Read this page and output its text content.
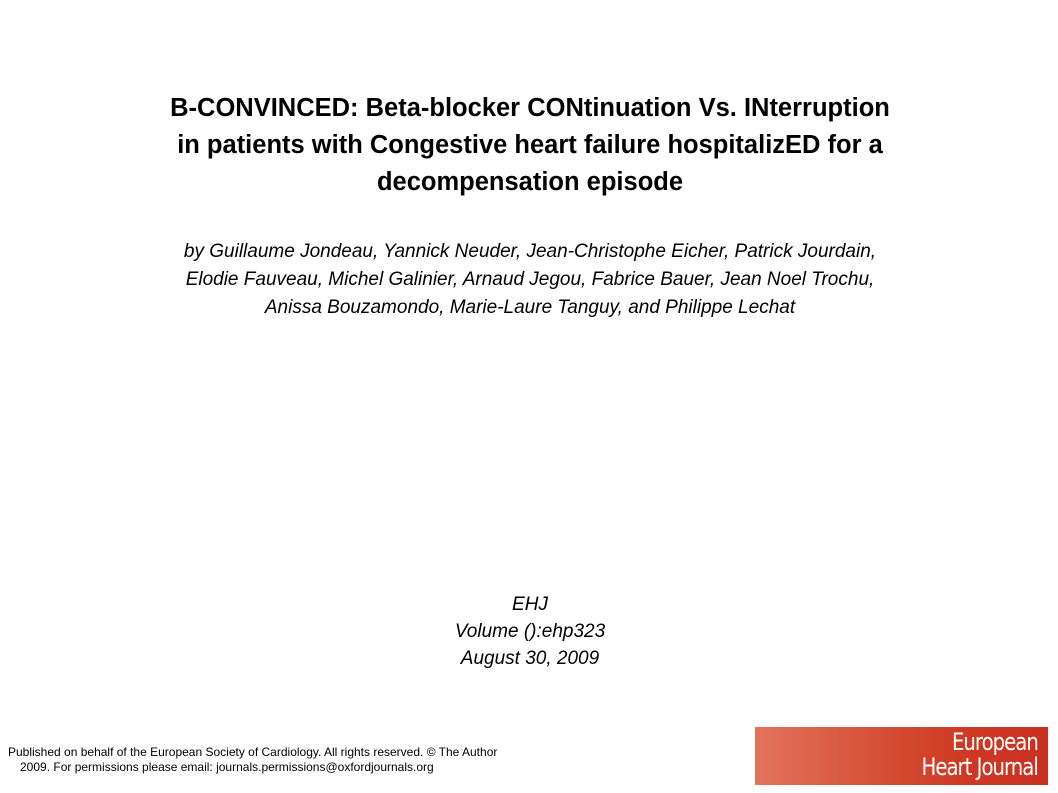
B-CONVINCED: Beta-blocker CONtinuation Vs. INterruption
in patients with Congestive heart failure hospitalizED for a
decompensation episode
by Guillaume Jondeau, Yannick Neuder, Jean-Christophe Eicher, Patrick Jourdain,
Elodie Fauveau, Michel Galinier, Arnaud Jegou, Fabrice Bauer, Jean Noel Trochu,
Anissa Bouzamondo, Marie-Laure Tanguy, and Philippe Lechat
EHJ
Volume ():ehp323
August 30, 2009
Published on behalf of the European Society of Cardiology. All rights reserved. © The Author
2009. For permissions please email: journals.permissions@oxfordjournals.org
European
Heart Journal
